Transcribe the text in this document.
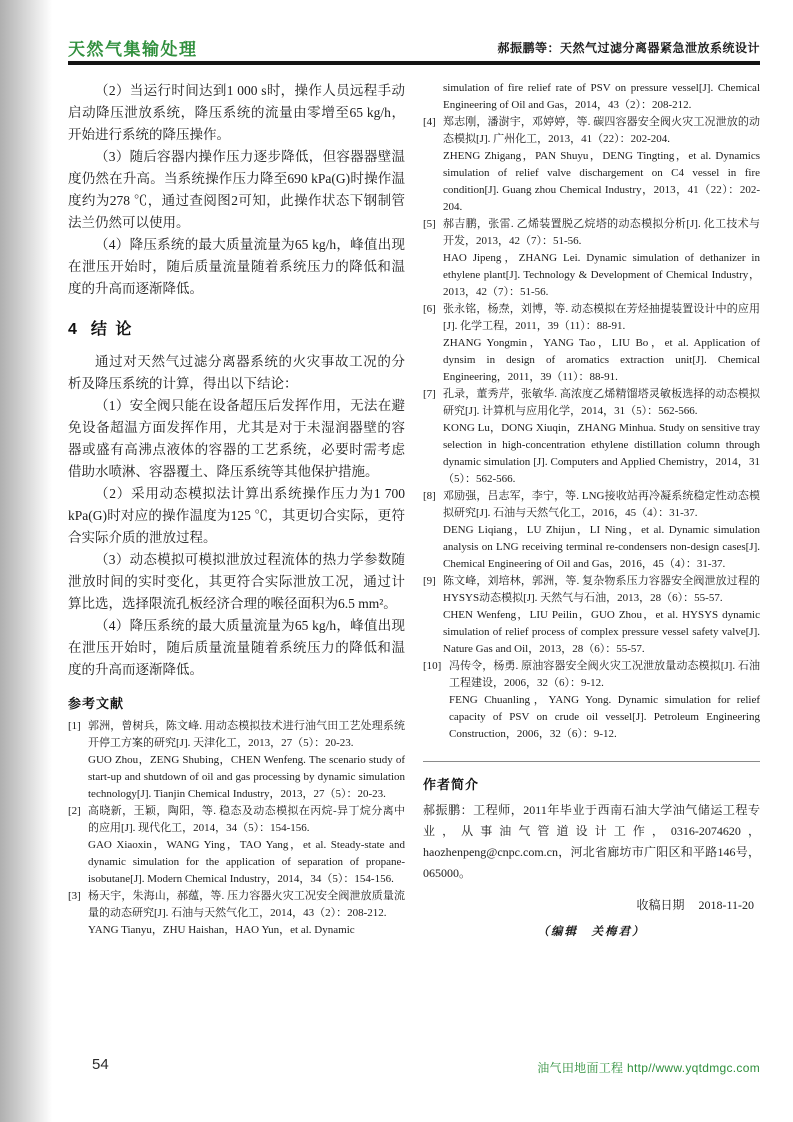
天然气集输处理	郝振鹏等：天然气过滤分离器紧急泄放系统设计

（2）当运行时间达到1 000 s时，操作人员远程手动启动降压泄放系统，降压系统的流量由零增至65 kg/h，开始进行系统的降压操作。

（3）随后容器内操作压力逐步降低，但容器器壁温度仍然在升高。当系统操作压力降至690 kPa(G)时操作温度约为278 ℃，通过查阅图2可知，此操作状态下钢制管法兰仍然可以使用。

（4）降压系统的最大质量流量为65 kg/h，峰值出现在泄压开始时，随后质量流量随着系统压力的降低和温度的升高而逐渐降低。

4 结 论

通过对天然气过滤分离器系统的火灾事故工况的分析及降压系统的计算，得出以下结论：

（1）安全阀只能在设备超压后发挥作用，无法在避免设备超温方面发挥作用，尤其是对于未湿润器壁的容器或盛有高沸点液体的容器的工艺系统，必要时需考虑借助水喷淋、容器覆土、降压系统等其他保护措施。

（2）采用动态模拟法计算出系统操作压力为1 700 kPa(G)时对应的操作温度为125 ℃，其更切合实际，更符合实际介质的泄放过程。

（3）动态模拟可模拟泄放过程流体的热力学参数随泄放时间的实时变化，其更符合实际泄放工况，通过计算比选，选择限流孔板经济合理的喉径面积为6.5 mm²。

（4）降压系统的最大质量流量为65 kg/h，峰值出现在泄压开始时，随后质量流量随着系统压力的降低和温度的升高而逐渐降低。

参考文献
[1] 郭洲，曾树兵，陈文峰. 用动态模拟技术进行油气田工艺处理系统开停工方案的研究[J]. 天津化工，2013，27（5）：20-23.
GUO Zhou，ZENG Shubing，CHEN Wenfeng. The scenario study of start-up and shutdown of oil and gas processing by dynamic simulation technology[J]. Tianjin Chemical Industry，2013，27（5）：20-23.
[2] 高晓新，王颖，陶阳，等. 稳态及动态模拟在丙烷-异丁烷分离中的应用[J]. 现代化工，2014，34（5）：154-156.
GAO Xiaoxin，WANG Ying，TAO Yang，et al. Steady-state and dynamic simulation for the application of separation of propane- isobutane[J]. Modern Chemical Industry，2014，34（5）：154-156.
[3] 杨天宇，朱海山，郝蕴，等. 压力容器火灾工况安全阀泄放质量流量的动态研究[J]. 石油与天然气化工，2014，43（2）：208-212.
YANG Tianyu，ZHU Haishan，HAO Yun，et al. Dynamic
simulation of fire relief rate of PSV on pressure vessel[J]. Chemical Engineering of Oil and Gas，2014，43（2）：208-212.
[4] 郑志刚，潘澍宇，邓婷婷，等. 碳四容器安全阀火灾工况泄放的动态模拟[J]. 广州化工，2013，41（22）：202-204.
ZHENG Zhigang，PAN Shuyu，DENG Tingting，et al. Dynamics simulation of relief valve dischargement on C4 vessel in fire condition[J]. Guang zhou Chemical Industry，2013，41（22）：202-204.
[5] 郝吉鹏，张雷. 乙烯装置脱乙烷塔的动态模拟分析[J]. 化工技术与开发，2013，42（7）：51-56.
HAO Jipeng，ZHANG Lei. Dynamic simulation of dethanizer in ethylene plant[J]. Technology & Development of Chemical Industry，2013，42（7）：51-56.
[6] 张永铭，杨焘，刘博，等. 动态模拟在芳烃抽提装置设计中的应用[J]. 化学工程，2011，39（11）：88-91.
ZHANG Yongmin，YANG Tao，LIU Bo，et al. Application of dynsim in design of aromatics extraction unit[J]. Chemical Engineering，2011，39（11）：88-91.
[7] 孔录，董秀芹，张敏华. 高浓度乙烯精馏塔灵敏板选择的动态模拟研究[J]. 计算机与应用化学，2014，31（5）：562-566.
KONG Lu，DONG Xiuqin，ZHANG Minhua. Study on sensitive tray selection in high-concentration ethylene distillation column through dynamic simulation [J]. Computers and Applied Chemistry，2014，31（5）：562-566.
[8] 邓励强，吕志军，李宁，等. LNG接收站再冷凝系统稳定性动态模拟研究[J]. 石油与天然气化工，2016，45（4）：31-37.
DENG Liqiang，LU Zhijun，LI Ning，et al. Dynamic simulation analysis on LNG receiving terminal re-condensers non-design cases[J]. Chemical Engineering of Oil and Gas，2016，45（4）：31-37.
[9] 陈文峰，刘培林，郭洲，等. 复杂物系压力容器安全阀泄放过程的HYSYS动态模拟[J]. 天然气与石油，2013，28（6）：55-57.
CHEN Wenfeng，LIU Peilin，GUO Zhou，et al. HYSYS dynamic simulation of relief process of complex pressure vessel safety valve[J]. Nature Gas and Oil，2013，28（6）：55-57.
[10] 冯传令，杨勇. 原油容器安全阀火灾工况泄放量动态模拟[J]. 石油工程建设，2006，32（6）：9-12.
FENG Chuanling，YANG Yong. Dynamic simulation for relief capacity of PSV on crude oil vessel[J]. Petroleum Engineering Construction，2006，32（6）：9-12.
作者简介

郝振鹏：工程师，2011年毕业于西南石油大学油气储运工程专业，从事油气管道设计工作，0316-2074620，haozhenpeng@cnpc.com.cn，河北省廊坊市广阳区和平路146号，065000。

收稿日期 2018-11-20
（编辑　关梅君）
54	油气田地面工程 http//www.yqtdmgc.com
